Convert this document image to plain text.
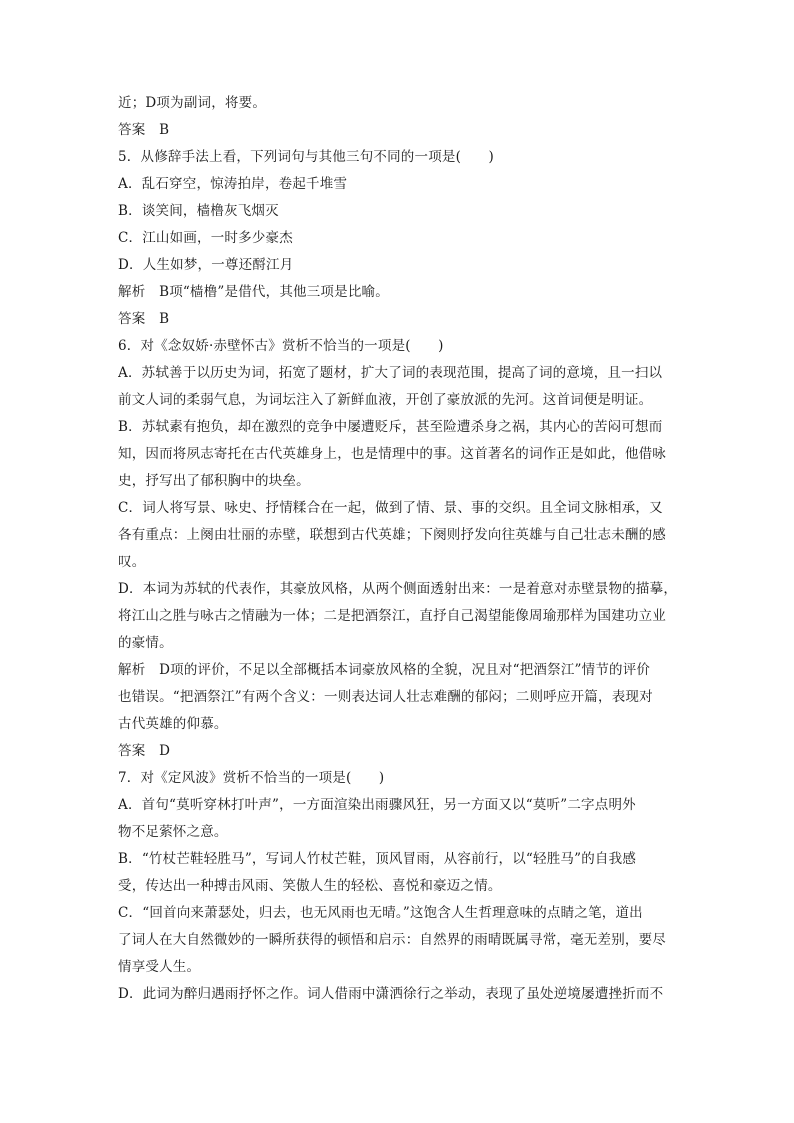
近；D项为副词，将要。
答案　B
5．从修辞手法上看，下列词句与其他三句不同的一项是(　　)
A．乱石穿空，惊涛拍岸，卷起千堆雪
B．谈笑间，樯橹灰飞烟灭
C．江山如画，一时多少豪杰
D．人生如梦，一尊还酹江月
解析　B项“樯橹”是借代，其他三项是比喻。
答案　B
6．对《念奴娇·赤壁怀古》赏析不恰当的一项是(　　)
A．苏轼善于以历史为词，拓宽了题材，扩大了词的表现范围，提高了词的意境，且一扫以
前文人词的柔弱气息，为词坛注入了新鲜血液，开创了豪放派的先河。这首词便是明证。
B．苏轼素有抱负，却在激烈的竞争中屡遭贬斥，甚至险遭杀身之祸，其内心的苦闷可想而
知，因而将夙志寄托在古代英雄身上，也是情理中的事。这首著名的词作正是如此，他借咏
史，抒写出了郁积胸中的块垒。
C．词人将写景、咏史、抒情糅合在一起，做到了情、景、事的交织。且全词文脉相承，又
各有重点：上阕由壮丽的赤壁，联想到古代英雄；下阕则抒发向往英雄与自己壮志未酬的感
叹。
D．本词为苏轼的代表作，其豪放风格，从两个侧面透射出来：一是着意对赤壁景物的描摹，
将江山之胜与咏古之情融为一体；二是把酒祭江，直抒自己渴望能像周瑜那样为国建功立业
的豪情。
解析　D项的评价，不足以全部概括本词豪放风格的全貌，况且对“把酒祭江”情节的评价
也错误。“把酒祭江”有两个含义：一则表达词人壮志难酬的郁闷；二则呼应开篇，表现对
古代英雄的仰慕。
答案　D
7．对《定风波》赏析不恰当的一项是(　　)
A．首句“莫听穿林打叶声”，一方面渲染出雨骤风狂，另一方面又以“莫听”二字点明外
物不足萦怀之意。
B．“竹杖芒鞋轻胜马”，写词人竹杖芒鞋，顶风冒雨，从容前行，以“轻胜马”的自我感
受，传达出一种搏击风雨、笑傲人生的轻松、喜悦和豪迈之情。
C．“回首向来萧瑟处，归去，也无风雨也无晴。”这饱含人生哲理意味的点睛之笔，道出
了词人在大自然微妙的一瞬所获得的顿悟和启示：自然界的雨晴既属寻常，毫无差别，要尽
情享受人生。
D．此词为醉归遇雨抒怀之作。词人借雨中潇洒徐行之举动，表现了虽处逆境屡遭挫折而不
